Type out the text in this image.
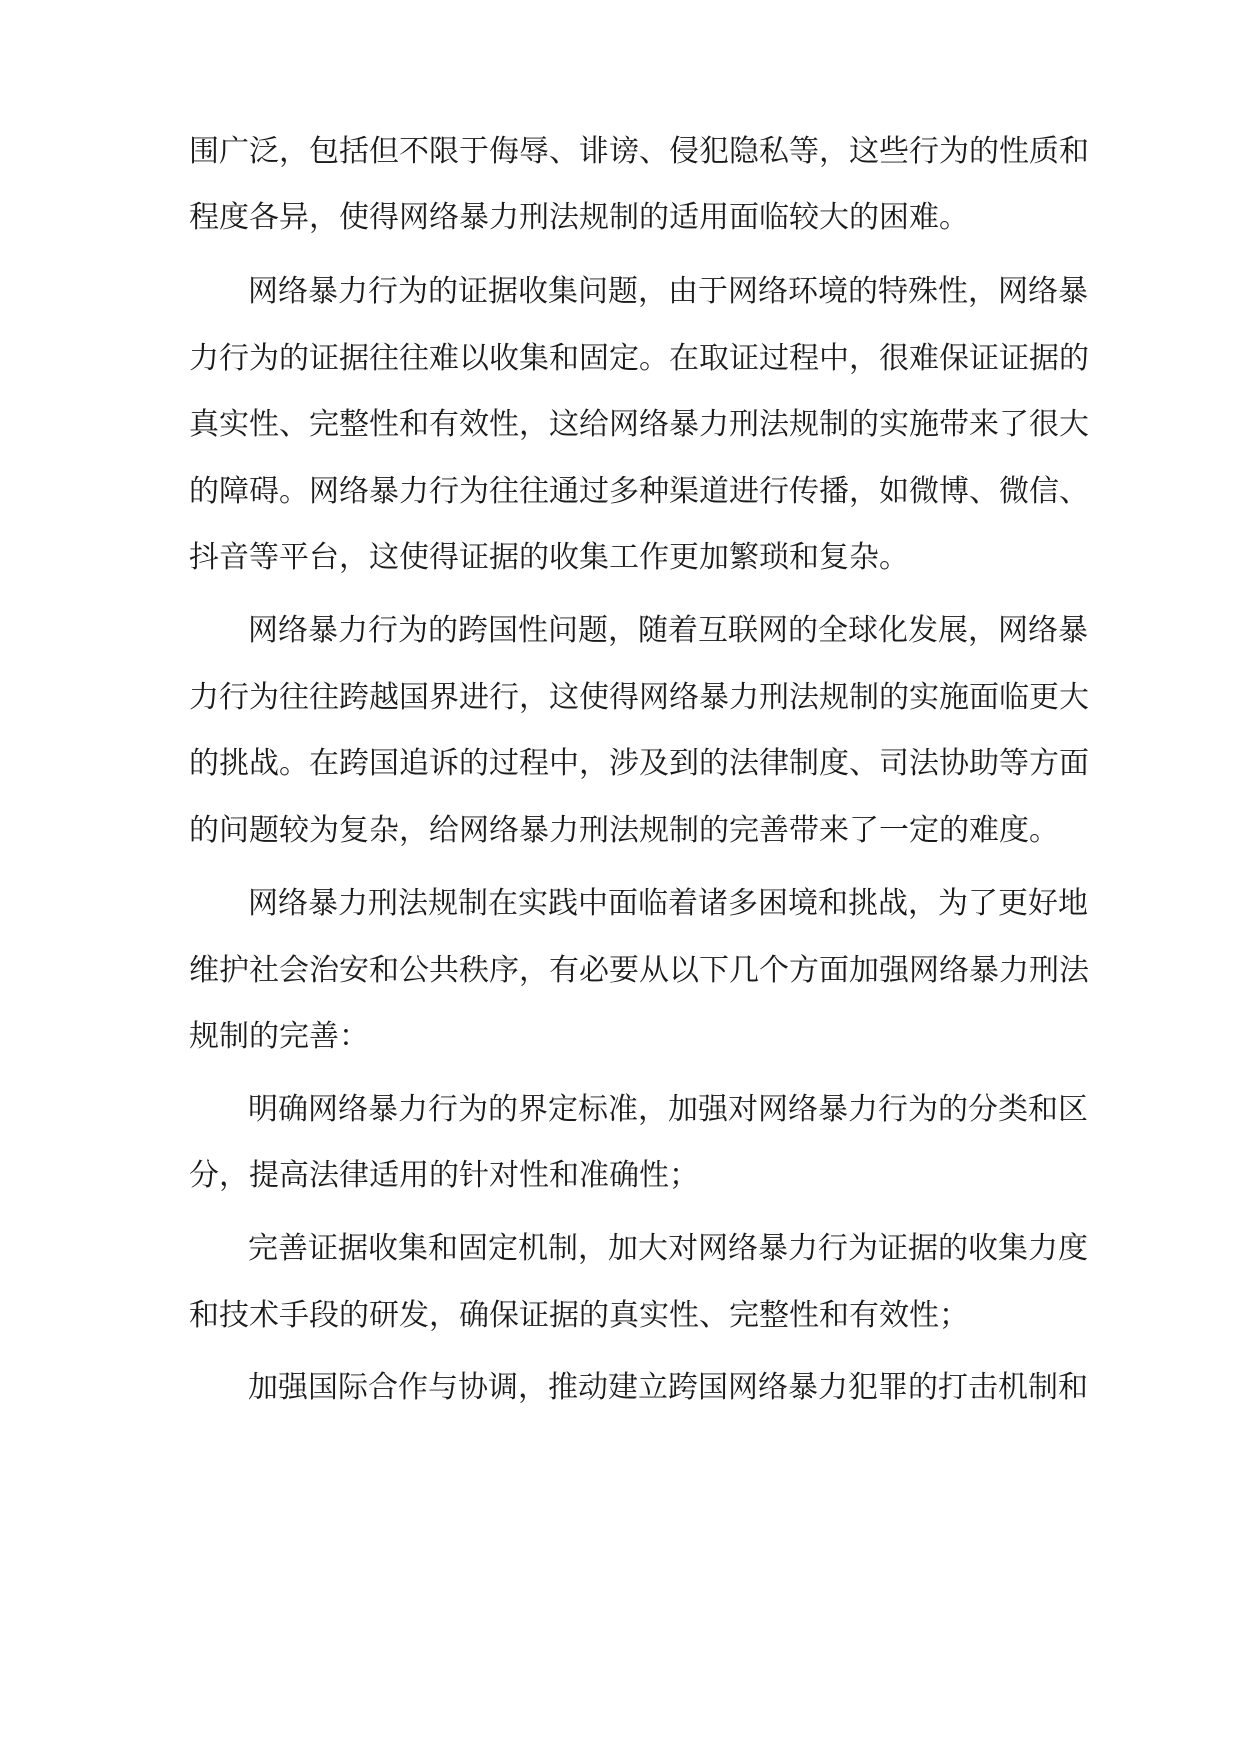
围广泛，包括但不限于侮辱、诽谤、侵犯隐私等，这些行为的性质和
程度各异，使得网络暴力刑法规制的适用面临较大的困难。
网络暴力行为的证据收集问题，由于网络环境的特殊性，网络暴
力行为的证据往往难以收集和固定。在取证过程中，很难保证证据的
真实性、完整性和有效性，这给网络暴力刑法规制的实施带来了很大
的障碍。网络暴力行为往往通过多种渠道进行传播，如微博、微信、
抖音等平台，这使得证据的收集工作更加繁琐和复杂。
网络暴力行为的跨国性问题，随着互联网的全球化发展，网络暴
力行为往往跨越国界进行，这使得网络暴力刑法规制的实施面临更大
的挑战。在跨国追诉的过程中，涉及到的法律制度、司法协助等方面
的问题较为复杂，给网络暴力刑法规制的完善带来了一定的难度。
网络暴力刑法规制在实践中面临着诸多困境和挑战，为了更好地
维护社会治安和公共秩序，有必要从以下几个方面加强网络暴力刑法
规制的完善：
明确网络暴力行为的界定标准，加强对网络暴力行为的分类和区
分，提高法律适用的针对性和准确性；
完善证据收集和固定机制，加大对网络暴力行为证据的收集力度
和技术手段的研发，确保证据的真实性、完整性和有效性；
加强国际合作与协调，推动建立跨国网络暴力犯罪的打击机制和
